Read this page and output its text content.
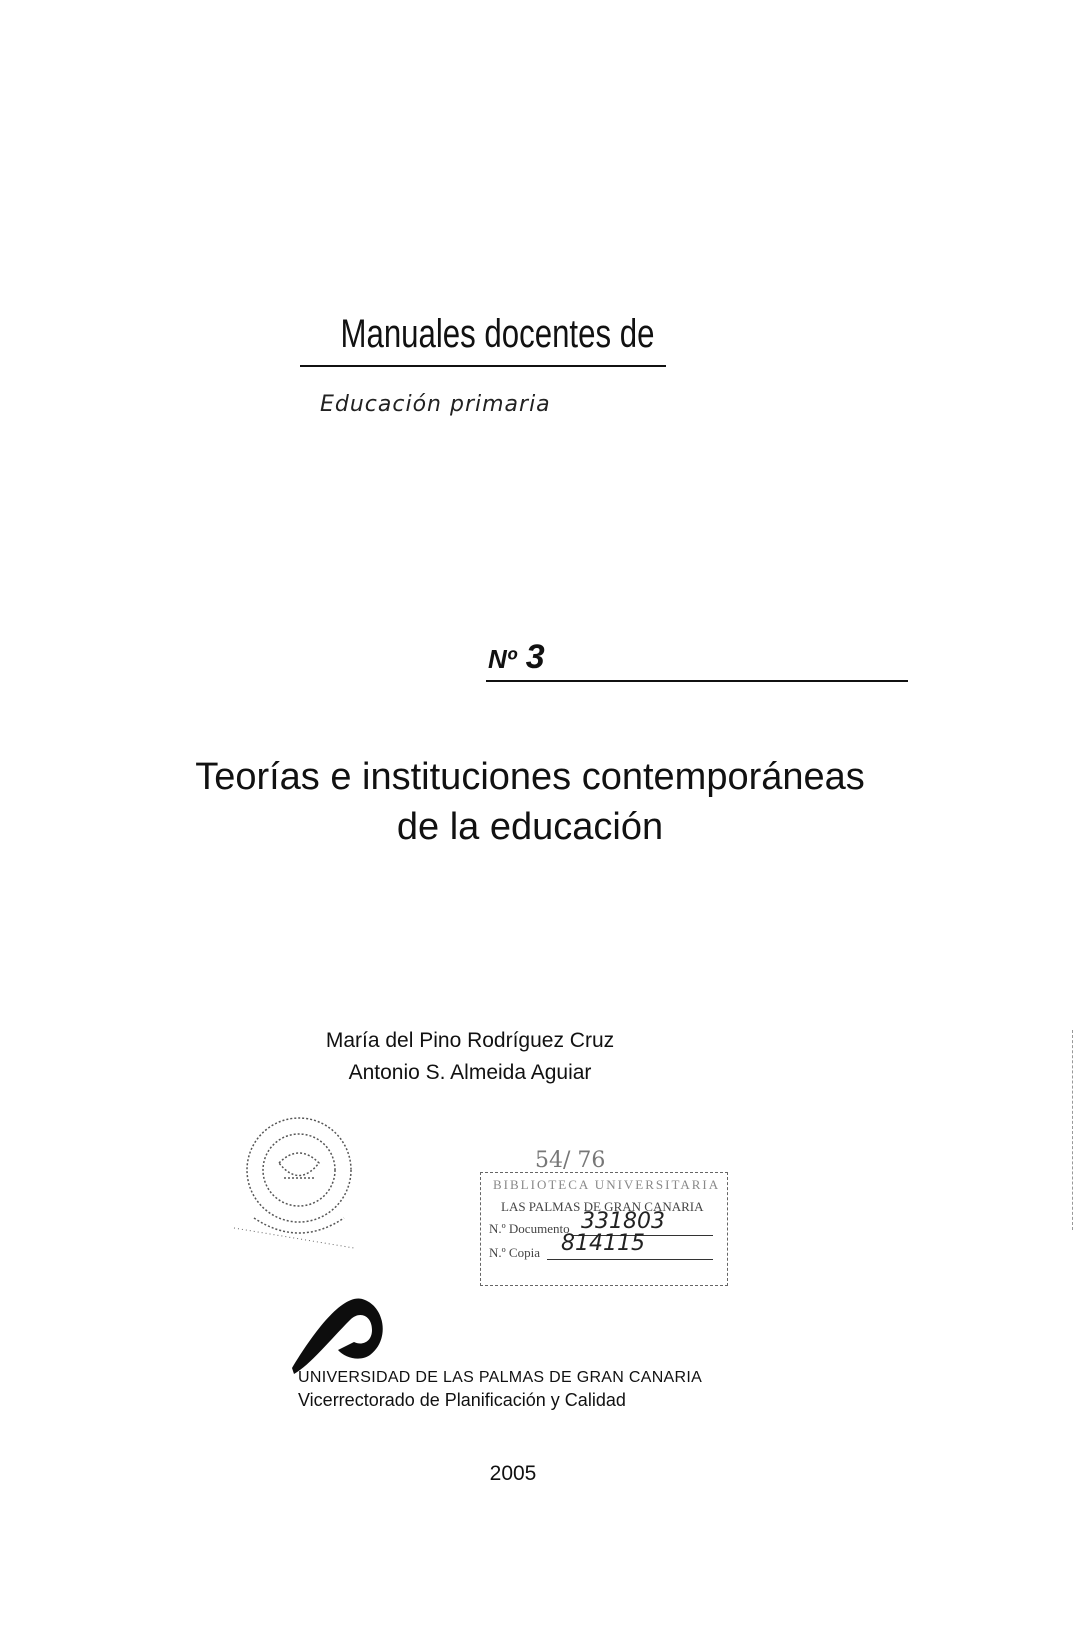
Manuales docentes de
Educación primaria
Nº 3
Teorías e instituciones contemporáneas
de la educación
María del Pino Rodríguez Cruz
Antonio S. Almeida Aguiar
54/ 76
BIBLIOTECA UNIVERSITARIA
LAS PALMAS DE GRAN CANARIA
N.º Documento 331803
N.º Copia 814115
UNIVERSIDAD DE LAS PALMAS DE GRAN CANARIA
Vicerrectorado de Planificación y Calidad
2005
